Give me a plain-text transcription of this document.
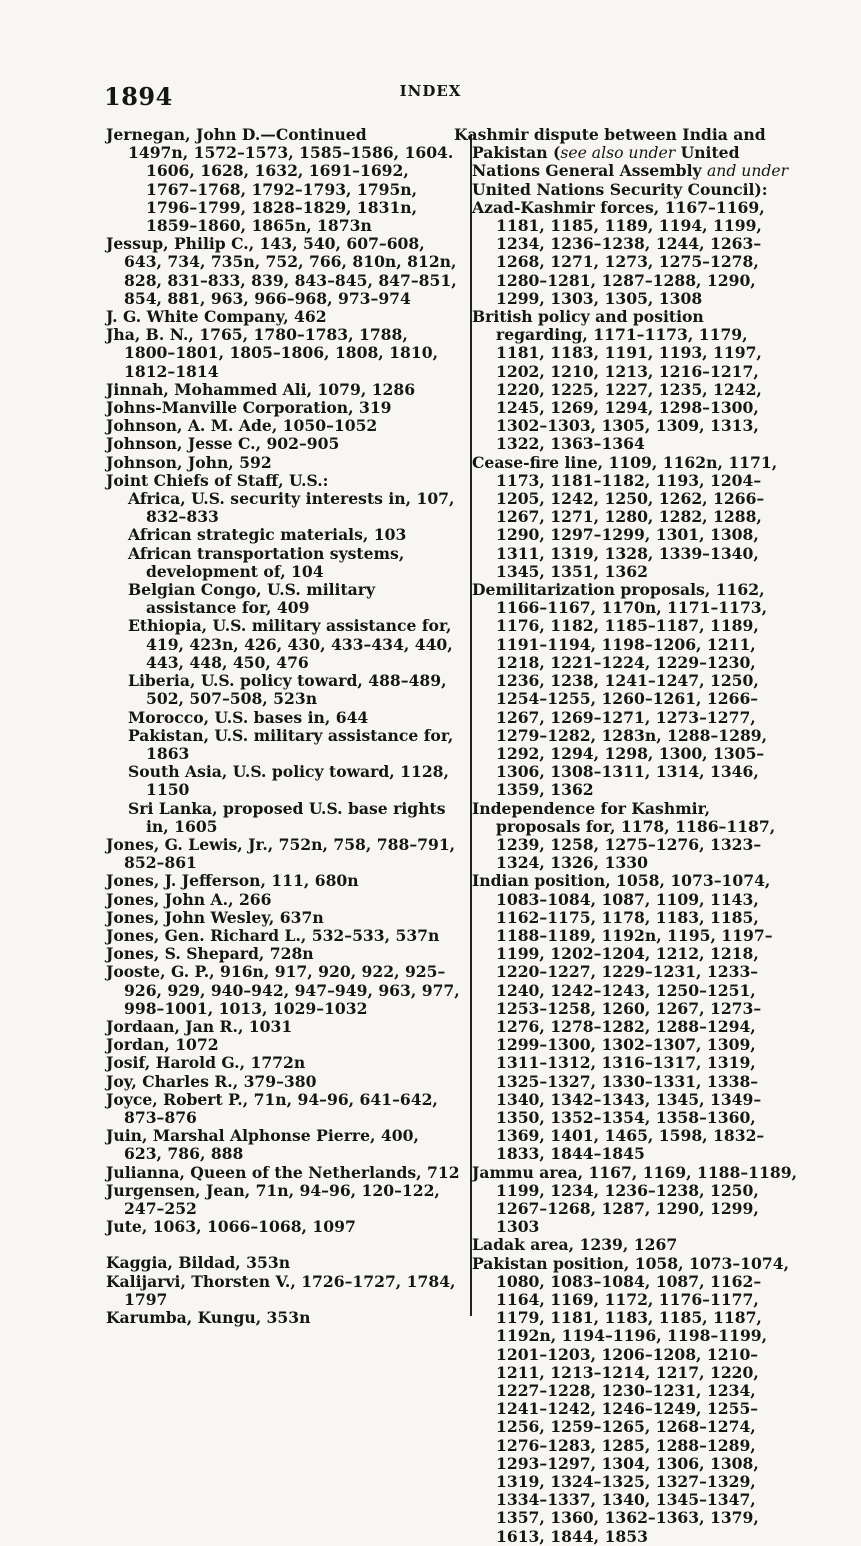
1894	INDEX

Jernegan, John D.—Continued

1497n, 1572–1573, 1585–1586, 1604. 1606, 1628, 1632, 1691–1692, 1767–1768, 1792–1793, 1795n, 1796–1799, 1828–1829, 1831n, 1859–1860, 1865n, 1873n

Jessup, Philip C., 143, 540, 607–608, 643, 734, 735n, 752, 766, 810n, 812n, 828, 831–833, 839, 843–845, 847–851, 854, 881, 963, 966–968, 973–974

J. G. White Company, 462

Jha, B. N., 1765, 1780–1783, 1788, 1800–1801, 1805–1806, 1808, 1810, 1812–1814

Jinnah, Mohammed Ali, 1079, 1286

Johns-Manville Corporation, 319

Johnson, A. M. Ade, 1050–1052

Johnson, Jesse C., 902–905

Johnson, John, 592

Joint Chiefs of Staff, U.S.:

Africa, U.S. security interests in, 107, 832–833

African strategic materials, 103

African transportation systems, development of, 104

Belgian Congo, U.S. military assistance for, 409

Ethiopia, U.S. military assistance for, 419, 423n, 426, 430, 433–434, 440, 443, 448, 450, 476

Liberia, U.S. policy toward, 488–489, 502, 507–508, 523n

Morocco, U.S. bases in, 644

Pakistan, U.S. military assistance for, 1863

South Asia, U.S. policy toward, 1128, 1150

Sri Lanka, proposed U.S. base rights in, 1605

Jones, G. Lewis, Jr., 752n, 758, 788–791, 852–861

Jones, J. Jefferson, 111, 680n

Jones, John A., 266

Jones, John Wesley, 637n

Jones, Gen. Richard L., 532–533, 537n

Jones, S. Shepard, 728n

Jooste, G. P., 916n, 917, 920, 922, 925–926, 929, 940–942, 947–949, 963, 977, 998–1001, 1013, 1029–1032

Jordaan, Jan R., 1031

Jordan, 1072

Josif, Harold G., 1772n

Joy, Charles R., 379–380

Joyce, Robert P., 71n, 94–96, 641–642, 873–876

Juin, Marshal Alphonse Pierre, 400, 623, 786, 888

Julianna, Queen of the Netherlands, 712

Jurgensen, Jean, 71n, 94–96, 120–122, 247–252

Jute, 1063, 1066–1068, 1097

Kaggia, Bildad, 353n

Kalijarvi, Thorsten V., 1726–1727, 1784, 1797

Karumba, Kungu, 353n

Kashmir dispute between India and

Pakistan (see also under United Nations General Assembly and under United Nations Security Council):

Azad-Kashmir forces, 1167–1169, 1181, 1185, 1189, 1194, 1199, 1234, 1236–1238, 1244, 1263–1268, 1271, 1273, 1275–1278, 1280–1281, 1287–1288, 1290, 1299, 1303, 1305, 1308

British policy and position regarding, 1171–1173, 1179, 1181, 1183, 1191, 1193, 1197, 1202, 1210, 1213, 1216–1217, 1220, 1225, 1227, 1235, 1242, 1245, 1269, 1294, 1298–1300, 1302–1303, 1305, 1309, 1313, 1322, 1363–1364

Cease-fire line, 1109, 1162n, 1171, 1173, 1181–1182, 1193, 1204–1205, 1242, 1250, 1262, 1266–1267, 1271, 1280, 1282, 1288, 1290, 1297–1299, 1301, 1308, 1311, 1319, 1328, 1339–1340, 1345, 1351, 1362

Demilitarization proposals, 1162, 1166–1167, 1170n, 1171–1173, 1176, 1182, 1185–1187, 1189, 1191–1194, 1198–1206, 1211, 1218, 1221–1224, 1229–1230, 1236, 1238, 1241–1247, 1250, 1254–1255, 1260–1261, 1266–1267, 1269–1271, 1273–1277, 1279–1282, 1283n, 1288–1289, 1292, 1294, 1298, 1300, 1305–1306, 1308–1311, 1314, 1346, 1359, 1362

Independence for Kashmir, proposals for, 1178, 1186–1187, 1239, 1258, 1275–1276, 1323–1324, 1326, 1330

Indian position, 1058, 1073–1074, 1083–1084, 1087, 1109, 1143, 1162–1175, 1178, 1183, 1185, 1188–1189, 1192n, 1195, 1197–1199, 1202–1204, 1212, 1218, 1220–1227, 1229–1231, 1233–1240, 1242–1243, 1250–1251, 1253–1258, 1260, 1267, 1273–1276, 1278–1282, 1288–1294, 1299–1300, 1302–1307, 1309, 1311–1312, 1316–1317, 1319, 1325–1327, 1330–1331, 1338–1340, 1342–1343, 1345, 1349–1350, 1352–1354, 1358–1360, 1369, 1401, 1465, 1598, 1832–1833, 1844–1845

Jammu area, 1167, 1169, 1188–1189, 1199, 1234, 1236–1238, 1250, 1267–1268, 1287, 1290, 1299, 1303

Ladak area, 1239, 1267

Pakistan position, 1058, 1073–1074, 1080, 1083–1084, 1087, 1162–1164, 1169, 1172, 1176–1177, 1179, 1181, 1183, 1185, 1187, 1192n, 1194–1196, 1198–1199, 1201–1203, 1206–1208, 1210–1211, 1213–1214, 1217, 1220, 1227–1228, 1230–1231, 1234, 1241–1242, 1246–1249, 1255–1256, 1259–1265, 1268–1274, 1276–1283, 1285, 1288–1289, 1293–1297, 1304, 1306, 1308, 1319, 1324–1325, 1327–1329, 1334–1337, 1340, 1345–1347, 1357, 1360, 1362–1363, 1379, 1613, 1844, 1853
